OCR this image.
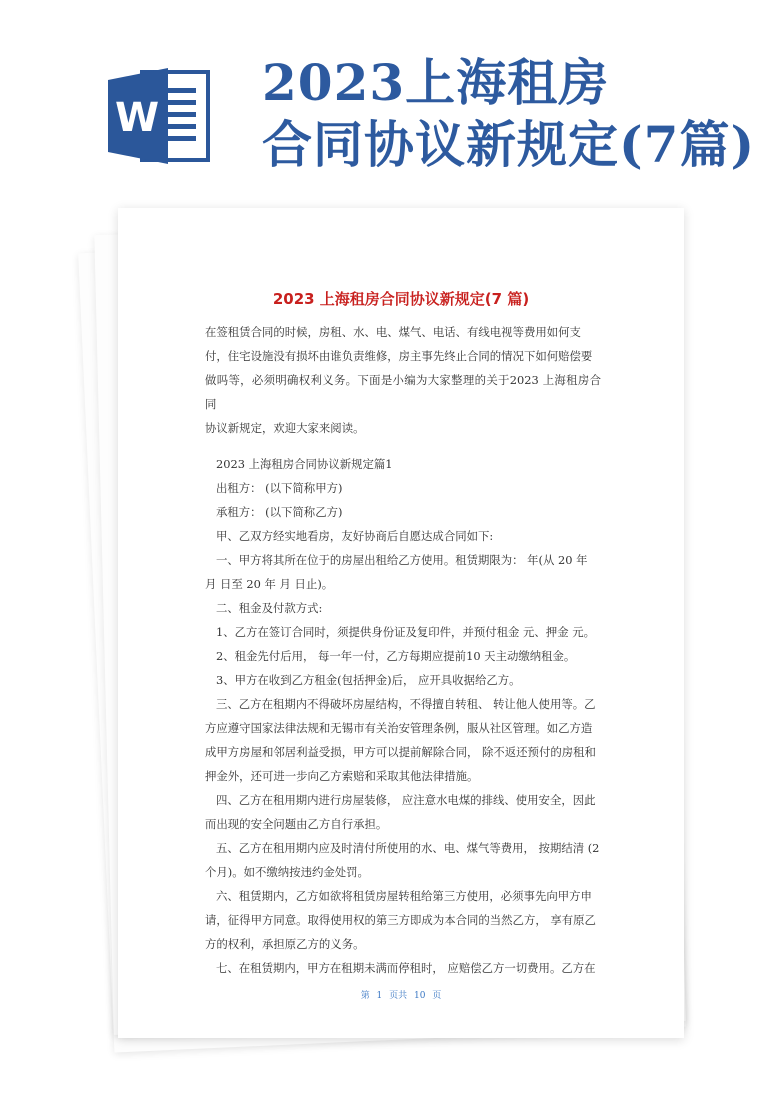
W
2023上海租房
合同协议新规定(7篇)
2023 上海租房合同协议新规定(7 篇)

在签租赁合同的时候，房租、水、电、煤气、电话、有线电视等费用如何支

付，住宅设施没有损坏由谁负责维修，房主事先终止合同的情况下如何赔偿要

做吗等，必须明确权利义务。下面是小编为大家整理的关于2023 上海租房合同

协议新规定，欢迎大家来阅读。

2023 上海租房合同协议新规定篇1

出租方： (以下简称甲方)

承租方： (以下简称乙方)

甲、乙双方经实地看房，友好协商后自愿达成合同如下:

一、甲方将其所在位于的房屋出租给乙方使用。租赁期限为： 年(从 20 年

月 日至 20 年 月 日止)。

二、租金及付款方式:

1、乙方在签订合同时，须提供身份证及复印件，并预付租金 元、押金 元。

2、租金先付后用， 每一年一付，乙方每期应提前10 天主动缴纳租金。

3、甲方在收到乙方租金(包括押金)后， 应开具收据给乙方。

三、乙方在租期内不得破坏房屋结构，不得擅自转租、 转让他人使用等。乙

方应遵守国家法律法规和无锡市有关治安管理条例，服从社区管理。如乙方造

成甲方房屋和邻居利益受损，甲方可以提前解除合同， 除不返还预付的房租和

押金外，还可进一步向乙方索赔和采取其他法律措施。

四、乙方在租用期内进行房屋装修， 应注意水电煤的排线、使用安全，因此

而出现的安全问题由乙方自行承担。

五、乙方在租用期内应及时清付所使用的水、电、煤气等费用， 按期结清 (2

个月)。如不缴纳按违约金处罚。

六、租赁期内，乙方如欲将租赁房屋转租给第三方使用，必须事先向甲方申

请，征得甲方同意。取得使用权的第三方即成为本合同的当然乙方， 享有原乙

方的权利，承担原乙方的义务。

七、在租赁期内，甲方在租期未满而停租时， 应赔偿乙方一切费用。乙方在

第 1 页共 10 页
